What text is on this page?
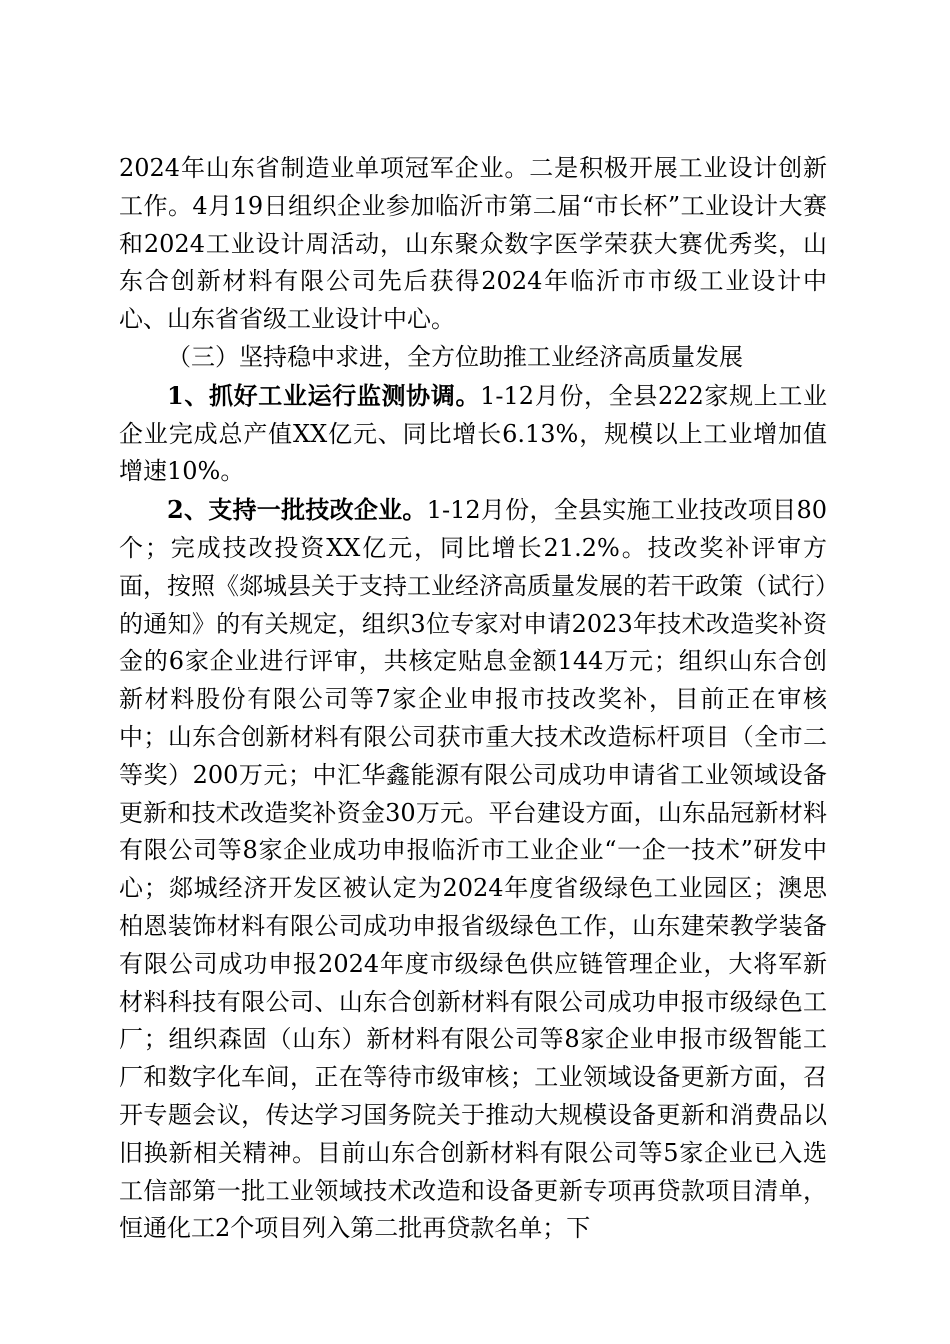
2024年山东省制造业单项冠军企业。二是积极开展工业设计创新工作。4月19日组织企业参加临沂市第二届“市长杯”工业设计大赛和2024工业设计周活动，山东聚众数字医学荣获大赛优秀奖，山东合创新材料有限公司先后获得2024年临沂市市级工业设计中心、山东省省级工业设计中心。

（三）坚持稳中求进，全方位助推工业经济高质量发展

1、抓好工业运行监测协调。1-12月份，全县222家规上工业企业完成总产值XX亿元、同比增长6.13%，规模以上工业增加值增速10%。

2、支持一批技改企业。1-12月份，全县实施工业技改项目80个；完成技改投资XX亿元，同比增长21.2%。技改奖补评审方面，按照《郯城县关于支持工业经济高质量发展的若干政策（试行）的通知》的有关规定，组织3位专家对申请2023年技术改造奖补资金的6家企业进行评审，共核定贴息金额144万元；组织山东合创新材料股份有限公司等7家企业申报市技改奖补，目前正在审核中；山东合创新材料有限公司获市重大技术改造标杆项目（全市二等奖）200万元；中汇华鑫能源有限公司成功申请省工业领域设备更新和技术改造奖补资金30万元。平台建设方面，山东品冠新材料有限公司等8家企业成功申报临沂市工业企业“一企一技术”研发中心；郯城经济开发区被认定为2024年度省级绿色工业园区；澳思柏恩装饰材料有限公司成功申报省级绿色工作，山东建荣教学装备有限公司成功申报2024年度市级绿色供应链管理企业，大将军新材料科技有限公司、山东合创新材料有限公司成功申报市级绿色工厂；组织森固（山东）新材料有限公司等8家企业申报市级智能工厂和数字化车间，正在等待市级审核；工业领域设备更新方面，召开专题会议，传达学习国务院关于推动大规模设备更新和消费品以旧换新相关精神。目前山东合创新材料有限公司等5家企业已入选工信部第一批工业领域技术改造和设备更新专项再贷款项目清单，恒通化工2个项目列入第二批再贷款名单；下
